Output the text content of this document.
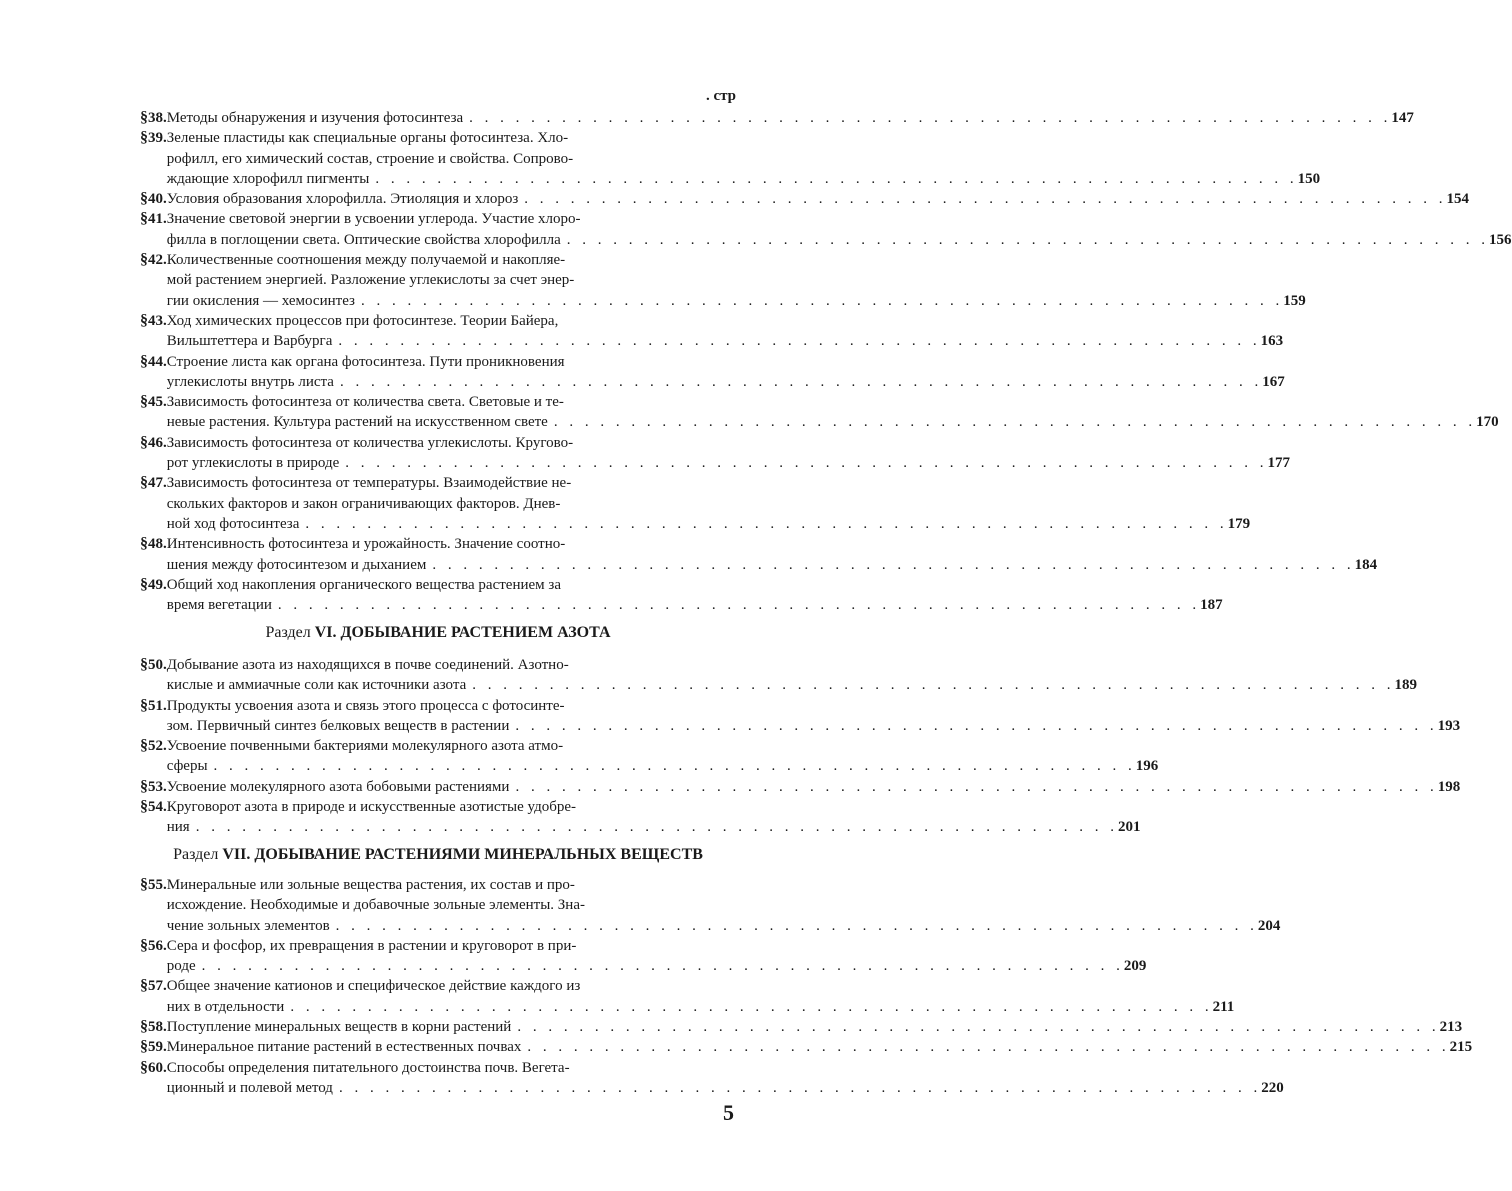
. стр
§ 38. Методы обнаружения и изучения фотосинтеза . . . . . . . . . . . . . . . . . . . . . . . . . . . . . . . . . . . . . . . . . . . . . . . . . . . . . . . . . . . . 147
§ 39. Зеленые пластиды как специальные органы фотосинтеза. Хло-
рофилл, его химический состав, строение и свойства. Сопрово-
ждающие хлорофилл пигменты . . . . . . . . . . . . . . . . . . . . . . . . . . . . . . . . . . . . . . . . . . . . . . . . . . . . . . . . . . . . 150
§ 40. Условия образования хлорофилла. Этиоляция и хлороз . . . . . . . . . . . . . . . . . . . . . . . . . . . . . . . . . . . . . . . . . . . . . . . . . . . . . . . . . . . . 154
§ 41. Значение световой энергии в усвоении углерода. Участие хлоро-
филла в поглощении света. Оптические свойства хлорофилла . . . . . . . . . . . . . . . . . . . . . . . . . . . . . . . . . . . . . . . . . . . . . . . . . . . . . . . . . . . . 156
§ 42. Количественные соотношения между получаемой и накопляе-
мой растением энергией. Разложение углекислоты за счет энер-
гии окисления — хемосинтез . . . . . . . . . . . . . . . . . . . . . . . . . . . . . . . . . . . . . . . . . . . . . . . . . . . . . . . . . . . . 159
§ 43. Ход химических процессов при фотосинтезе. Теории Байера,
Вильштеттера и Варбурга . . . . . . . . . . . . . . . . . . . . . . . . . . . . . . . . . . . . . . . . . . . . . . . . . . . . . . . . . . . . 163
§ 44. Строение листа как органа фотосинтеза. Пути проникновения
углекислоты внутрь листа . . . . . . . . . . . . . . . . . . . . . . . . . . . . . . . . . . . . . . . . . . . . . . . . . . . . . . . . . . . . 167
§ 45. Зависимость фотосинтеза от количества света. Световые и те-
невые растения. Культура растений на искусственном свете . . . . . . . . . . . . . . . . . . . . . . . . . . . . . . . . . . . . . . . . . . . . . . . . . . . . . . . . . . . . 170
§ 46. Зависимость фотосинтеза от количества углекислоты. Кругово-
рот углекислоты в природе . . . . . . . . . . . . . . . . . . . . . . . . . . . . . . . . . . . . . . . . . . . . . . . . . . . . . . . . . . . . 177
§ 47. Зависимость фотосинтеза от температуры. Взаимодействие не-
скольких факторов и закон ограничивающих факторов. Днев-
ной ход фотосинтеза . . . . . . . . . . . . . . . . . . . . . . . . . . . . . . . . . . . . . . . . . . . . . . . . . . . . . . . . . . . . 179
§ 48. Интенсивность фотосинтеза и урожайность. Значение соотно-
шения между фотосинтезом и дыханием . . . . . . . . . . . . . . . . . . . . . . . . . . . . . . . . . . . . . . . . . . . . . . . . . . . . . . . . . . . . 184
§ 49. Общий ход накопления органического вещества растением за
время вегетации . . . . . . . . . . . . . . . . . . . . . . . . . . . . . . . . . . . . . . . . . . . . . . . . . . . . . . . . . . . . 187
Раздел VI. ДОБЫВАНИЕ РАСТЕНИЕМ АЗОТА
§ 50. Добывание азота из находящихся в почве соединений. Азотно-
кислые и аммиачные соли как источники азота . . . . . . . . . . . . . . . . . . . . . . . . . . . . . . . . . . . . . . . . . . . . . . . . . . . . . . . . . . . . 189
§ 51. Продукты усвоения азота и связь этого процесса с фотосинте-
зом. Первичный синтез белковых веществ в растении . . . . . . . . . . . . . . . . . . . . . . . . . . . . . . . . . . . . . . . . . . . . . . . . . . . . . . . . . . . . 193
§ 52. Усвоение почвенными бактериями молекулярного азота атмо-
сферы . . . . . . . . . . . . . . . . . . . . . . . . . . . . . . . . . . . . . . . . . . . . . . . . . . . . . . . . . . . . 196
§ 53. Усвоение молекулярного азота бобовыми растениями . . . . . . . . . . . . . . . . . . . . . . . . . . . . . . . . . . . . . . . . . . . . . . . . . . . . . . . . . . . . 198
§ 54. Круговорот азота в природе и искусственные азотистые удобре-
ния . . . . . . . . . . . . . . . . . . . . . . . . . . . . . . . . . . . . . . . . . . . . . . . . . . . . . . . . . . . . 201
Раздел VII. ДОБЫВАНИЕ РАСТЕНИЯМИ МИНЕРАЛЬНЫХ ВЕЩЕСТВ
§ 55. Минеральные или зольные вещества растения, их состав и про-
исхождение. Необходимые и добавочные зольные элементы. Зна-
чение зольных элементов . . . . . . . . . . . . . . . . . . . . . . . . . . . . . . . . . . . . . . . . . . . . . . . . . . . . . . . . . . . . 204
§ 56. Сера и фосфор, их превращения в растении и круговорот в при-
роде . . . . . . . . . . . . . . . . . . . . . . . . . . . . . . . . . . . . . . . . . . . . . . . . . . . . . . . . . . . . 209
§ 57. Общее значение катионов и специфическое действие каждого из
них в отдельности . . . . . . . . . . . . . . . . . . . . . . . . . . . . . . . . . . . . . . . . . . . . . . . . . . . . . . . . . . . . 211
§ 58. Поступление минеральных веществ в корни растений . . . . . . . . . . . . . . . . . . . . . . . . . . . . . . . . . . . . . . . . . . . . . . . . . . . . . . . . . . . . 213
§ 59. Минеральное питание растений в естественных почвах . . . . . . . . . . . . . . . . . . . . . . . . . . . . . . . . . . . . . . . . . . . . . . . . . . . . . . . . . . . . 215
§ 60. Способы определения питательного достоинства почв. Вегета-
ционный и полевой метод . . . . . . . . . . . . . . . . . . . . . . . . . . . . . . . . . . . . . . . . . . . . . . . . . . . . . . . . . . . . 220
5
